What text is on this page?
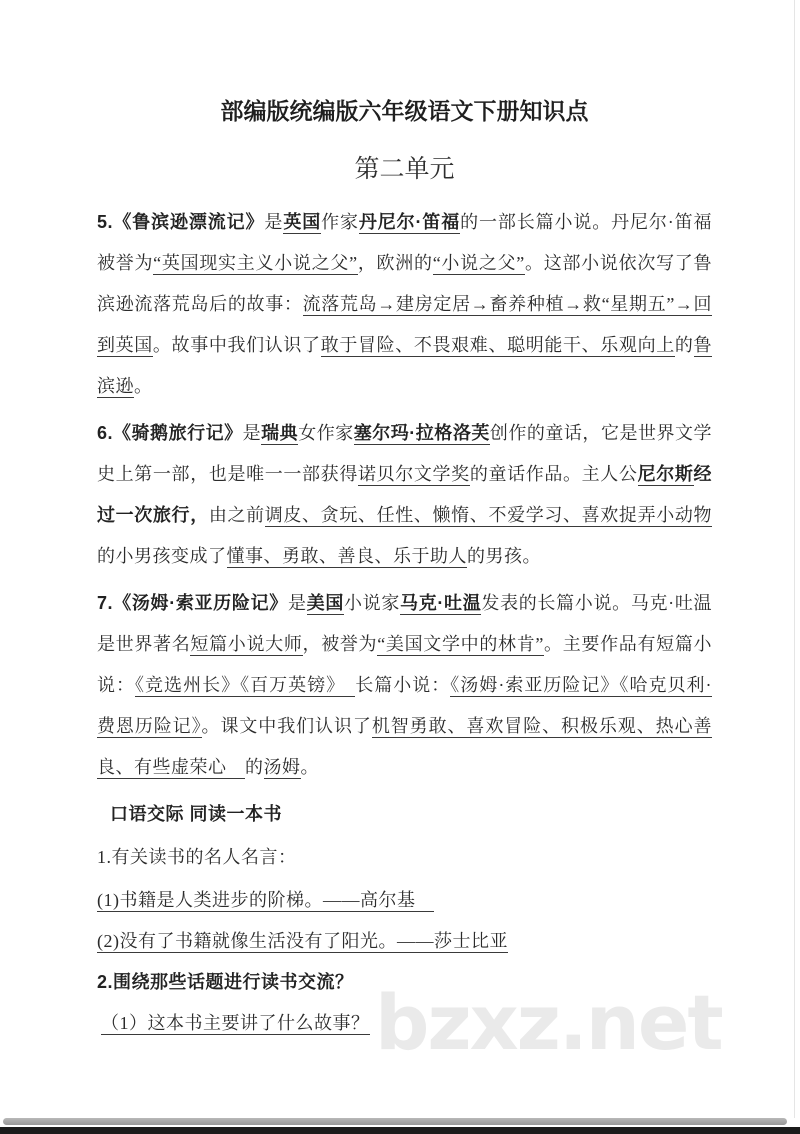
部编版统编版六年级语文下册知识点
第二单元

5.《鲁滨逊漂流记》是英国作家丹尼尔·笛福的一部长篇小说。丹尼尔·笛福被誉为“英国现实主义小说之父”，欧洲的“小说之父”。这部小说依次写了鲁滨逊流落荒岛后的故事：流落荒岛→建房定居→畜养种植→救“星期五”→回到英国。故事中我们认识了敢于冒险、不畏艰难、聪明能干、乐观向上的鲁滨逊。

6.《骑鹅旅行记》是瑞典女作家塞尔玛·拉格洛芙创作的童话，它是世界文学史上第一部，也是唯一一部获得诺贝尔文学奖的童话作品。主人公尼尔斯经过一次旅行，由之前调皮、贪玩、任性、懒惰、不爱学习、喜欢捉弄小动物的小男孩变成了懂事、勇敢、善良、乐于助人的男孩。

7.《汤姆·索亚历险记》是美国小说家马克·吐温发表的长篇小说。马克·吐温是世界著名短篇小说大师，被誉为“美国文学中的林肯”。主要作品有短篇小说：《竞选州长》《百万英镑》　长篇小说：《汤姆·索亚历险记》《哈克贝利·费恩历险记》。课文中我们认识了机智勇敢、喜欢冒险、积极乐观、热心善良、有些虚荣心　的汤姆。

口语交际 同读一本书

1.有关读书的名人名言：

(1)书籍是人类进步的阶梯。——高尔基　

(2)没有了书籍就像生活没有了阳光。——莎士比亚

2.围绕那些话题进行读书交流？

（1）这本书主要讲了什么故事？ bzxz.net
